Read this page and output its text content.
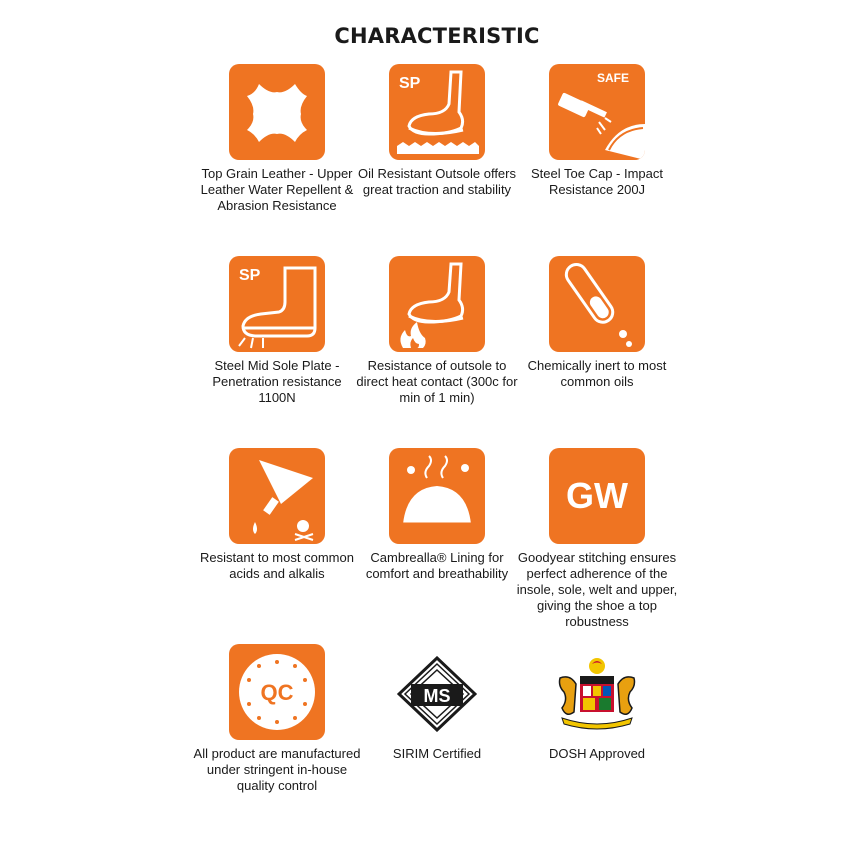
CHARACTERISTIC
Top Grain Leather - Upper Leather Water Repellent & Abrasion Resistance
SP
Oil Resistant Outsole offers great traction and stability
SAFE
Steel Toe Cap - Impact Resistance 200J
SP
Steel Mid Sole Plate - Penetration resistance 1100N
Resistance of outsole to direct heat contact (300c for min of 1 min)
Chemically inert to most common oils
Resistant to most common acids and alkalis
Cambrealla® Lining for comfort and breathability
GW
Goodyear stitching ensures perfect adherence of the insole, sole, welt and upper, giving the shoe a top robustness
QC
All product are manufactured under stringent in-house quality control
MS
SIRIM Certified	DOSH Approved
